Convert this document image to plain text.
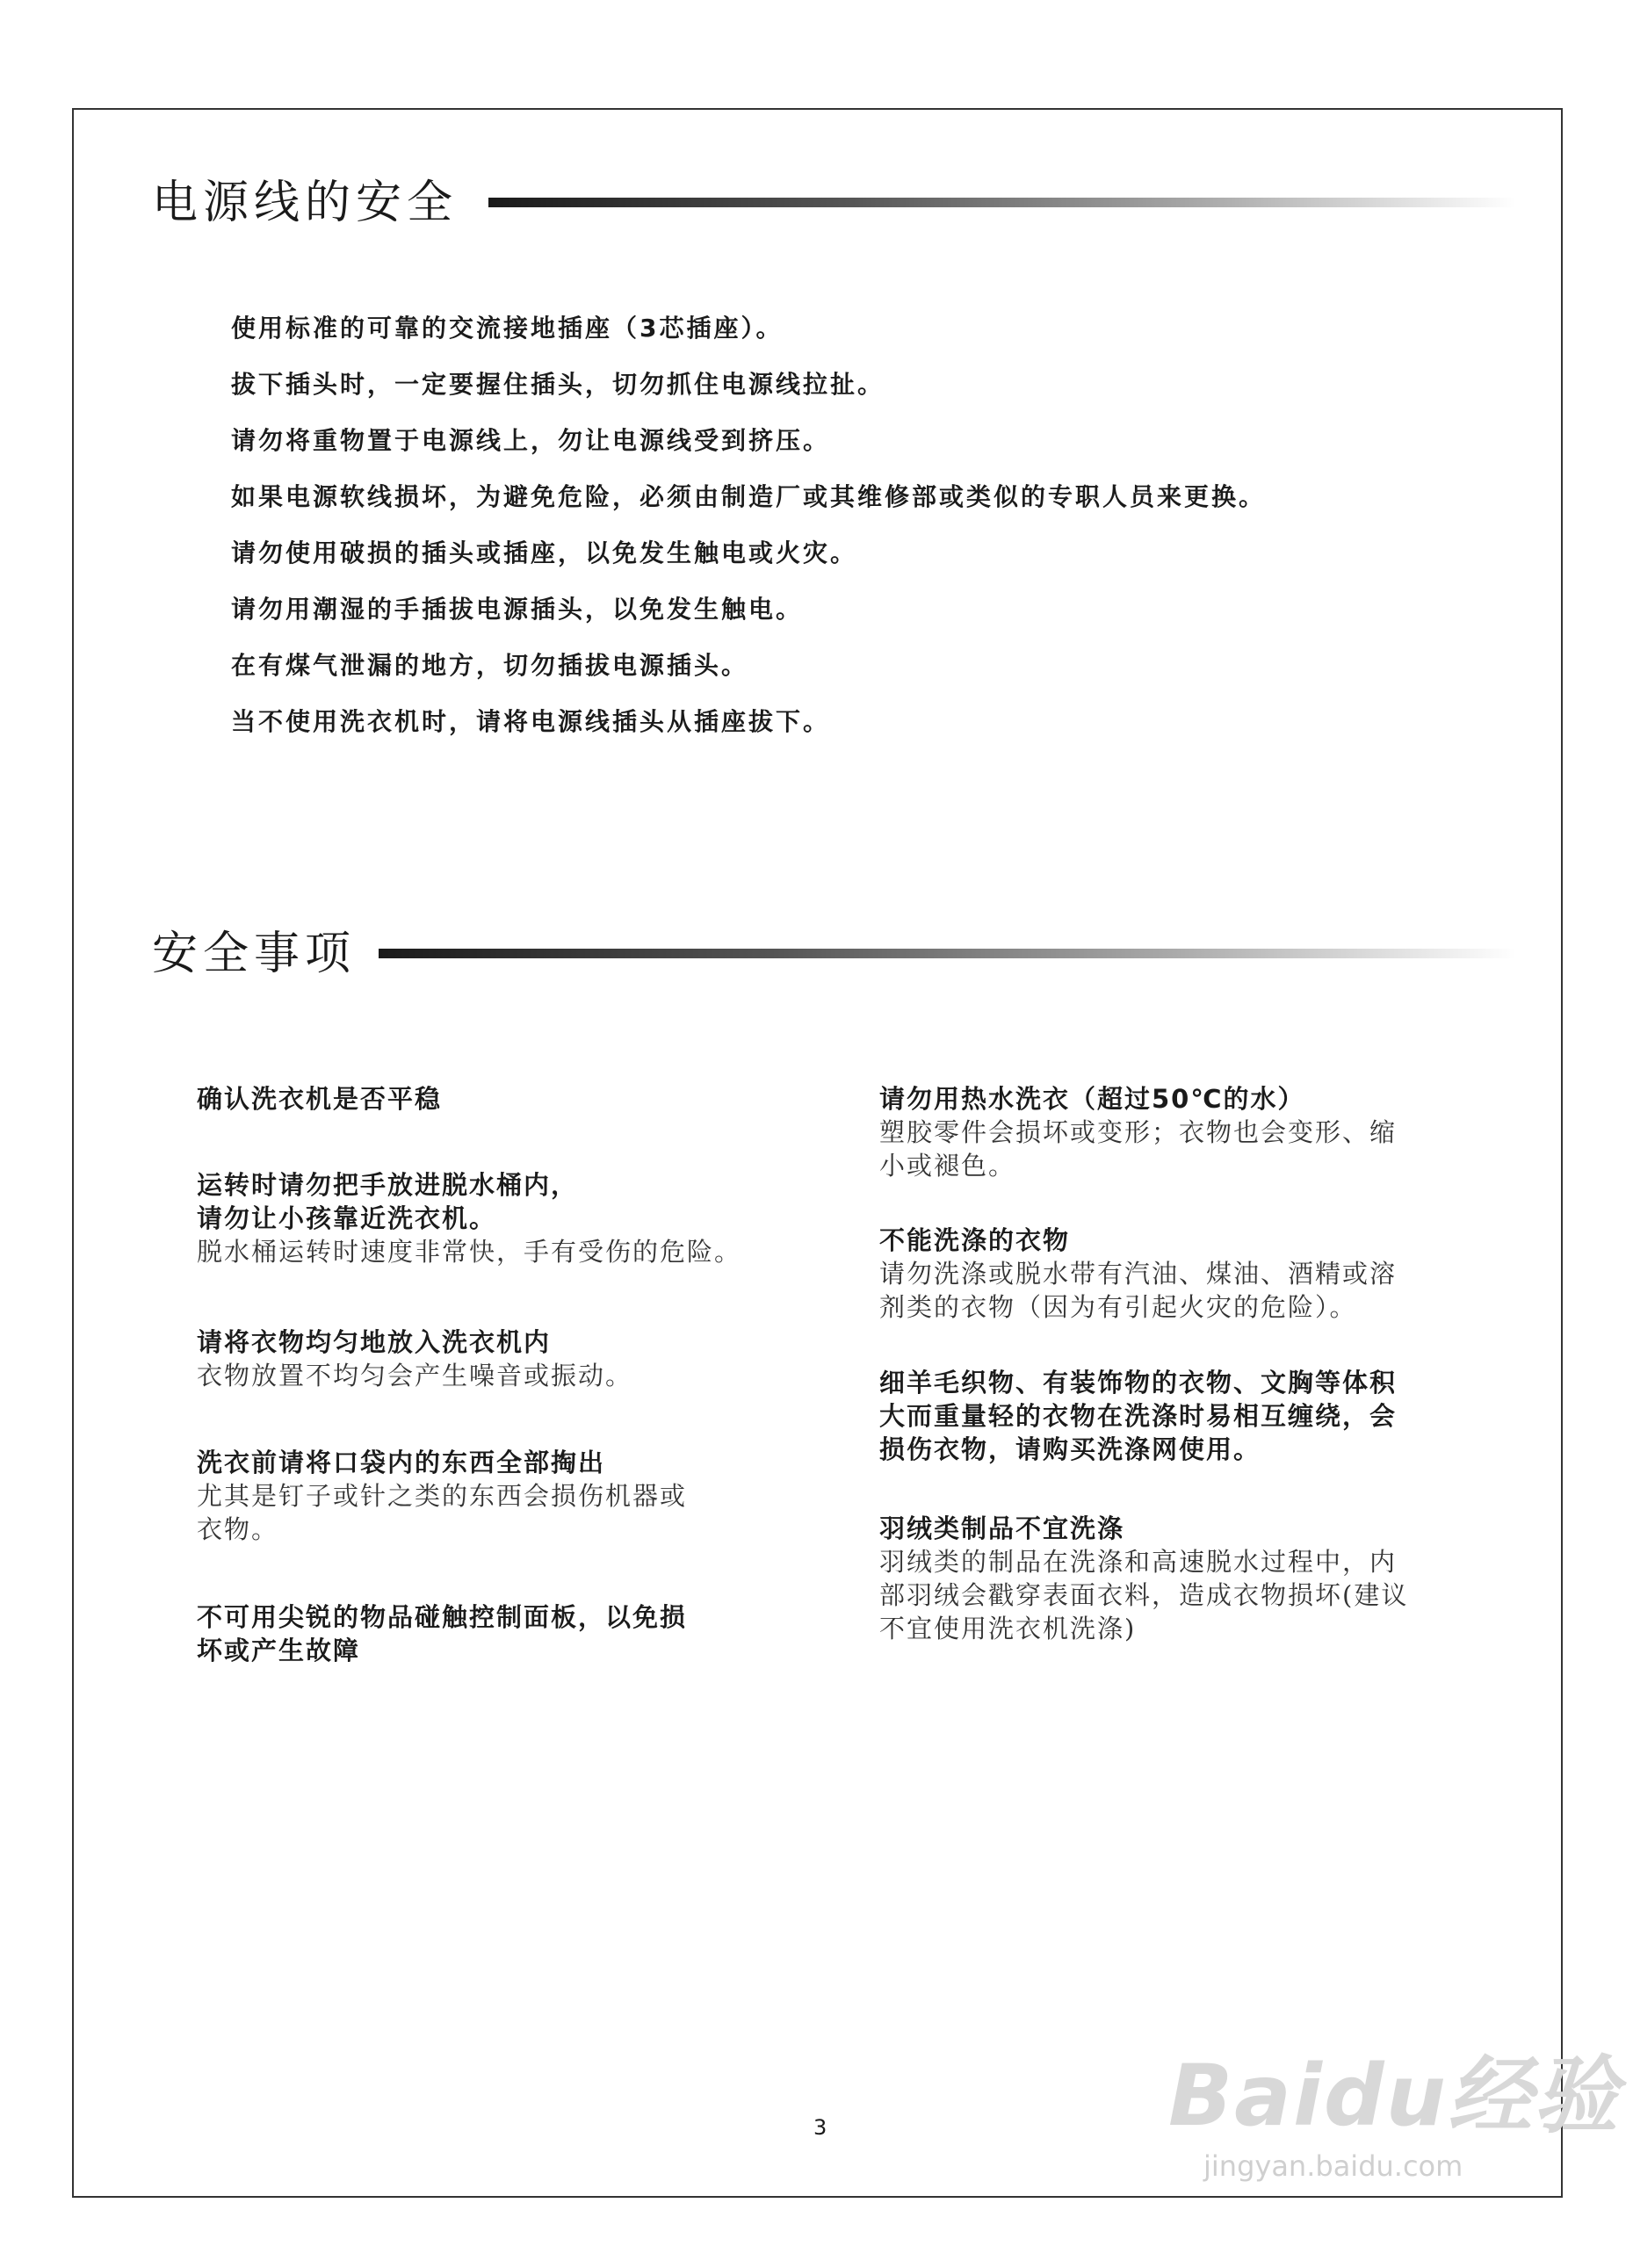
电源线的安全
使用标准的可靠的交流接地插座（3芯插座）。
拔下插头时，一定要握住插头，切勿抓住电源线拉扯。
请勿将重物置于电源线上，勿让电源线受到挤压。
如果电源软线损坏，为避免危险，必须由制造厂或其维修部或类似的专职人员来更换。
请勿使用破损的插头或插座，以免发生触电或火灾。
请勿用潮湿的手插拔电源插头，以免发生触电。
在有煤气泄漏的地方，切勿插拔电源插头。
当不使用洗衣机时，请将电源线插头从插座拔下。
安全事项
确认洗衣机是否平稳
运转时请勿把手放进脱水桶内，
请勿让小孩靠近洗衣机。
脱水桶运转时速度非常快，手有受伤的危险。
请将衣物均匀地放入洗衣机内
衣物放置不均匀会产生噪音或振动。
洗衣前请将口袋内的东西全部掏出
尤其是钉子或针之类的东西会损伤机器或
衣物。
不可用尖锐的物品碰触控制面板，以免损
坏或产生故障
请勿用热水洗衣（超过50℃的水）
塑胶零件会损坏或变形；衣物也会变形、缩
小或褪色。
不能洗涤的衣物
请勿洗涤或脱水带有汽油、煤油、酒精或溶
剂类的衣物（因为有引起火灾的危险）。
细羊毛织物、有装饰物的衣物、文胸等体积
大而重量轻的衣物在洗涤时易相互缠绕，会
损伤衣物，请购买洗涤网使用。
羽绒类制品不宜洗涤
羽绒类的制品在洗涤和高速脱水过程中，内
部羽绒会戳穿表面衣料，造成衣物损坏(建议
不宜使用洗衣机洗涤)
3	Baidu经验
jingyan.baidu.com
